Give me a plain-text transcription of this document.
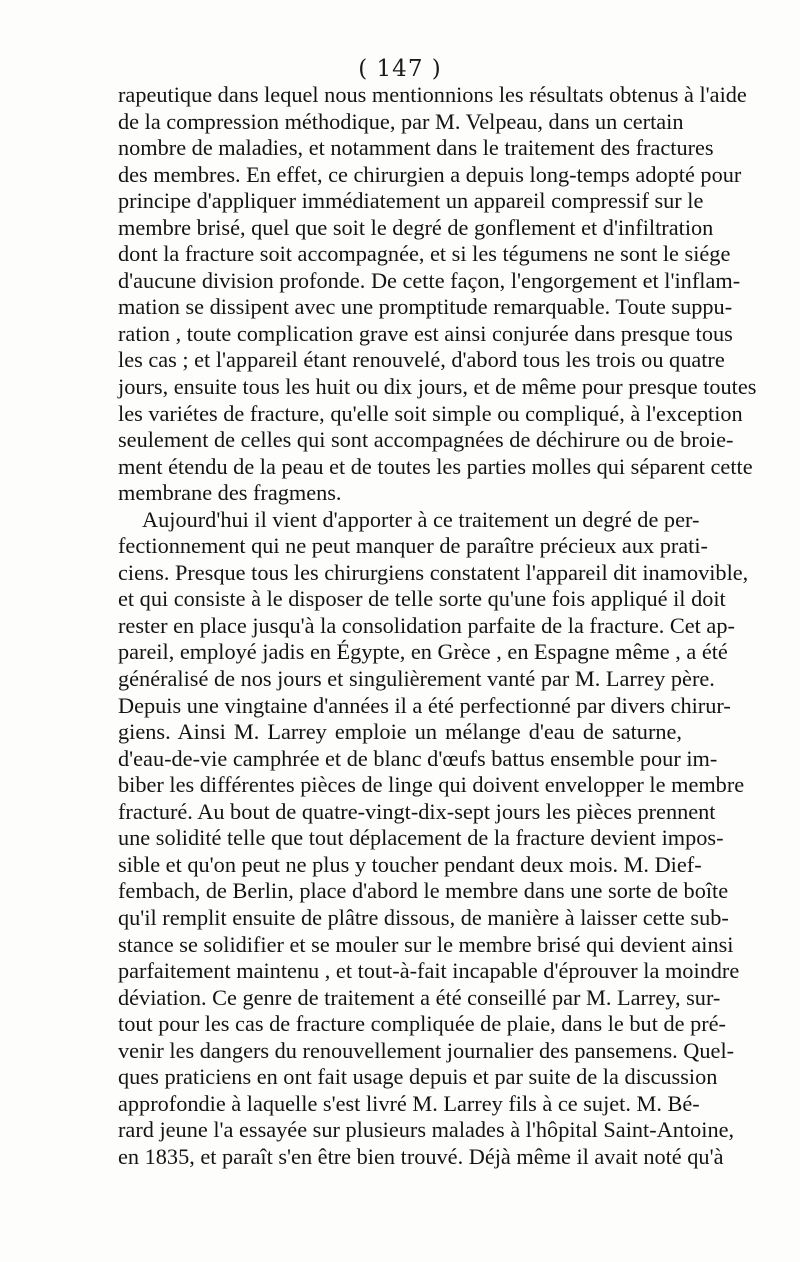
( 147 )
rapeutique dans lequel nous mentionnions les résultats obtenus à l'aide
de la compression méthodique, par M. Velpeau, dans un certain
nombre de maladies, et notamment dans le traitement des fractures
des membres. En effet, ce chirurgien a depuis long-temps adopté pour
principe d'appliquer immédiatement un appareil compressif sur le
membre brisé, quel que soit le degré de gonflement et d'infiltration
dont la fracture soit accompagnée, et si les tégumens ne sont le siége
d'aucune division profonde. De cette façon, l'engorgement et l'inflam-
mation se dissipent avec une promptitude remarquable. Toute suppu-
ration , toute complication grave est ainsi conjurée dans presque tous
les cas ; et l'appareil étant renouvelé, d'abord tous les trois ou quatre
jours, ensuite tous les huit ou dix jours, et de même pour presque toutes
les variétes de fracture, qu'elle soit simple ou compliqué, à l'exception
seulement de celles qui sont accompagnées de déchirure ou de broie-
ment étendu de la peau et de toutes les parties molles qui séparent cette
membrane des fragmens.
Aujourd'hui il vient d'apporter à ce traitement un degré de per-
fectionnement qui ne peut manquer de paraître précieux aux prati-
ciens. Presque tous les chirurgiens constatent l'appareil dit inamovible,
et qui consiste à le disposer de telle sorte qu'une fois appliqué il doit
rester en place jusqu'à la consolidation parfaite de la fracture. Cet ap-
pareil, employé jadis en Égypte, en Grèce , en Espagne même , a été
généralisé de nos jours et singulièrement vanté par M. Larrey père.
Depuis une vingtaine d'années il a été perfectionné par divers chirur-
giens. Ainsi M. Larrey emploie un mélange d'eau de saturne,
d'eau-de-vie camphrée et de blanc d'œufs battus ensemble pour im-
biber les différentes pièces de linge qui doivent envelopper le membre
fracturé. Au bout de quatre-vingt-dix-sept jours les pièces prennent
une solidité telle que tout déplacement de la fracture devient impos-
sible et qu'on peut ne plus y toucher pendant deux mois. M. Dief-
fembach, de Berlin, place d'abord le membre dans une sorte de boîte
qu'il remplit ensuite de plâtre dissous, de manière à laisser cette sub-
stance se solidifier et se mouler sur le membre brisé qui devient ainsi
parfaitement maintenu , et tout-à-fait incapable d'éprouver la moindre
déviation. Ce genre de traitement a été conseillé par M. Larrey, sur-
tout pour les cas de fracture compliquée de plaie, dans le but de pré-
venir les dangers du renouvellement journalier des pansemens. Quel-
ques praticiens en ont fait usage depuis et par suite de la discussion
approfondie à laquelle s'est livré M. Larrey fils à ce sujet. M. Bé-
rard jeune l'a essayée sur plusieurs malades à l'hôpital Saint-Antoine,
en 1835, et paraît s'en être bien trouvé. Déjà même il avait noté qu'à
